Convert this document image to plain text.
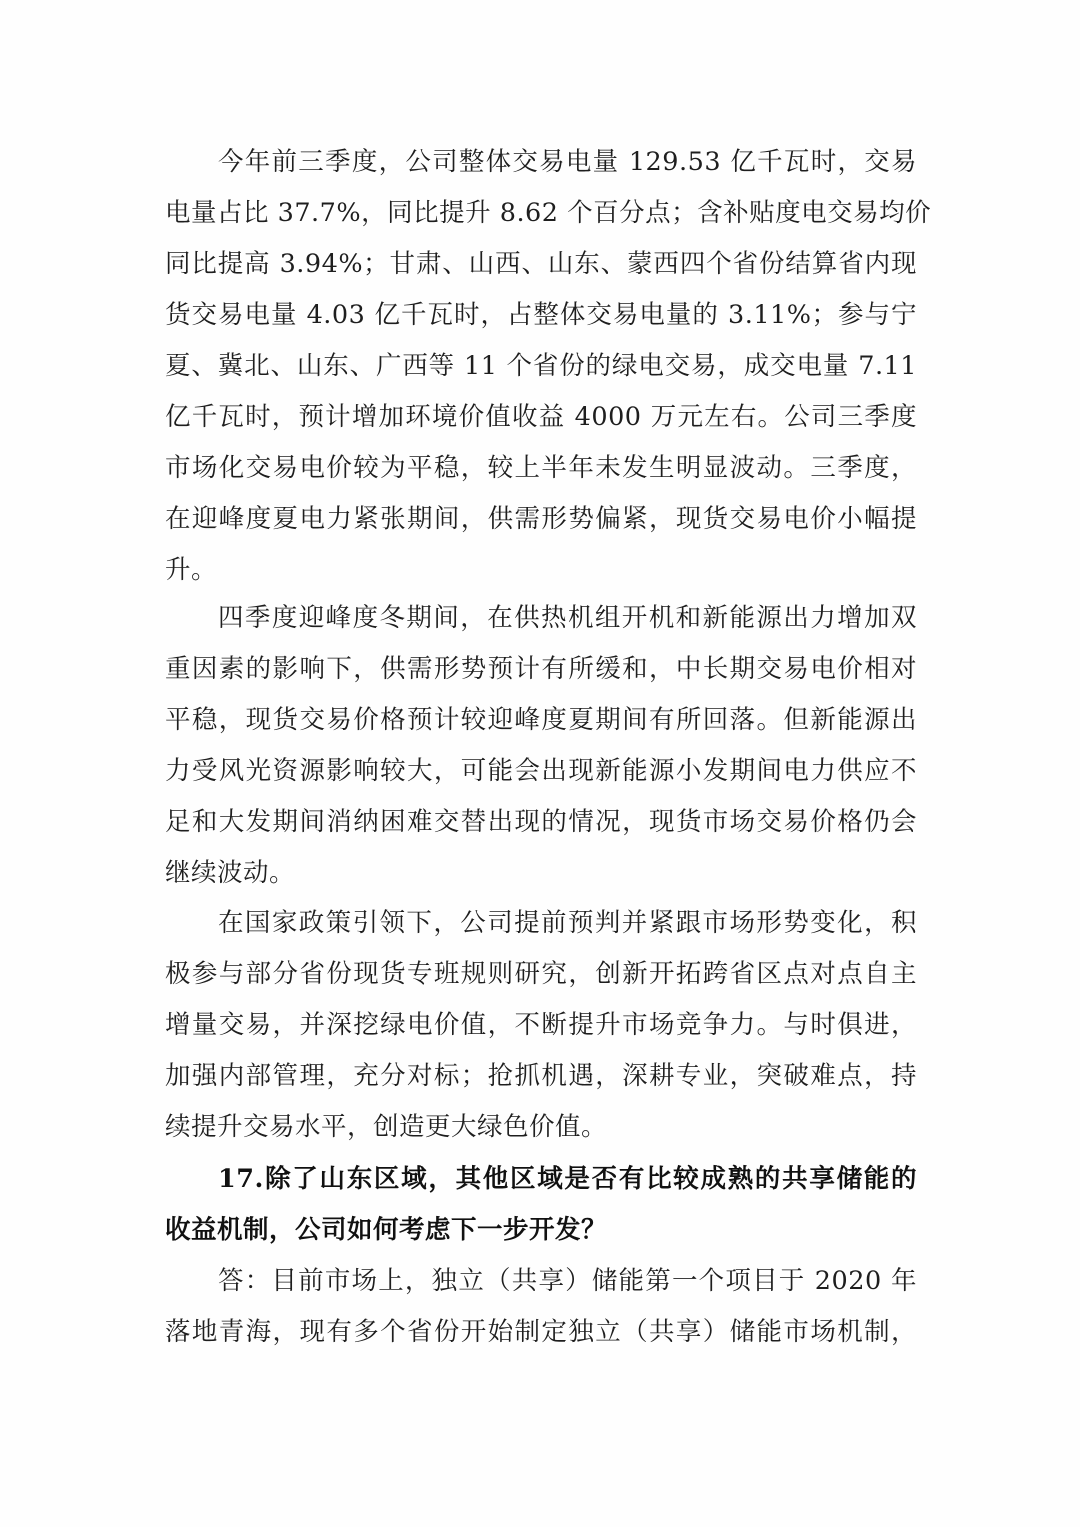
今年前三季度，公司整体交易电量 129.53 亿千瓦时，交易
电量占比 37.7%，同比提升 8.62 个百分点；含补贴度电交易均价
同比提高 3.94%；甘肃、山西、山东、蒙西四个省份结算省内现
货交易电量 4.03 亿千瓦时，占整体交易电量的 3.11%；参与宁
夏、冀北、山东、广西等 11 个省份的绿电交易，成交电量 7.11
亿千瓦时，预计增加环境价值收益 4000 万元左右。公司三季度
市场化交易电价较为平稳，较上半年未发生明显波动。三季度，
在迎峰度夏电力紧张期间，供需形势偏紧，现货交易电价小幅提
升。
四季度迎峰度冬期间，在供热机组开机和新能源出力增加双
重因素的影响下，供需形势预计有所缓和，中长期交易电价相对
平稳，现货交易价格预计较迎峰度夏期间有所回落。但新能源出
力受风光资源影响较大，可能会出现新能源小发期间电力供应不
足和大发期间消纳困难交替出现的情况，现货市场交易价格仍会
继续波动。
在国家政策引领下，公司提前预判并紧跟市场形势变化，积
极参与部分省份现货专班规则研究，创新开拓跨省区点对点自主
增量交易，并深挖绿电价值，不断提升市场竞争力。与时俱进，
加强内部管理，充分对标；抢抓机遇，深耕专业，突破难点，持
续提升交易水平，创造更大绿色价值。
17.除了山东区域，其他区域是否有比较成熟的共享储能的
收益机制，公司如何考虑下一步开发？
答：目前市场上，独立（共享）储能第一个项目于 2020 年
落地青海，现有多个省份开始制定独立（共享）储能市场机制，
